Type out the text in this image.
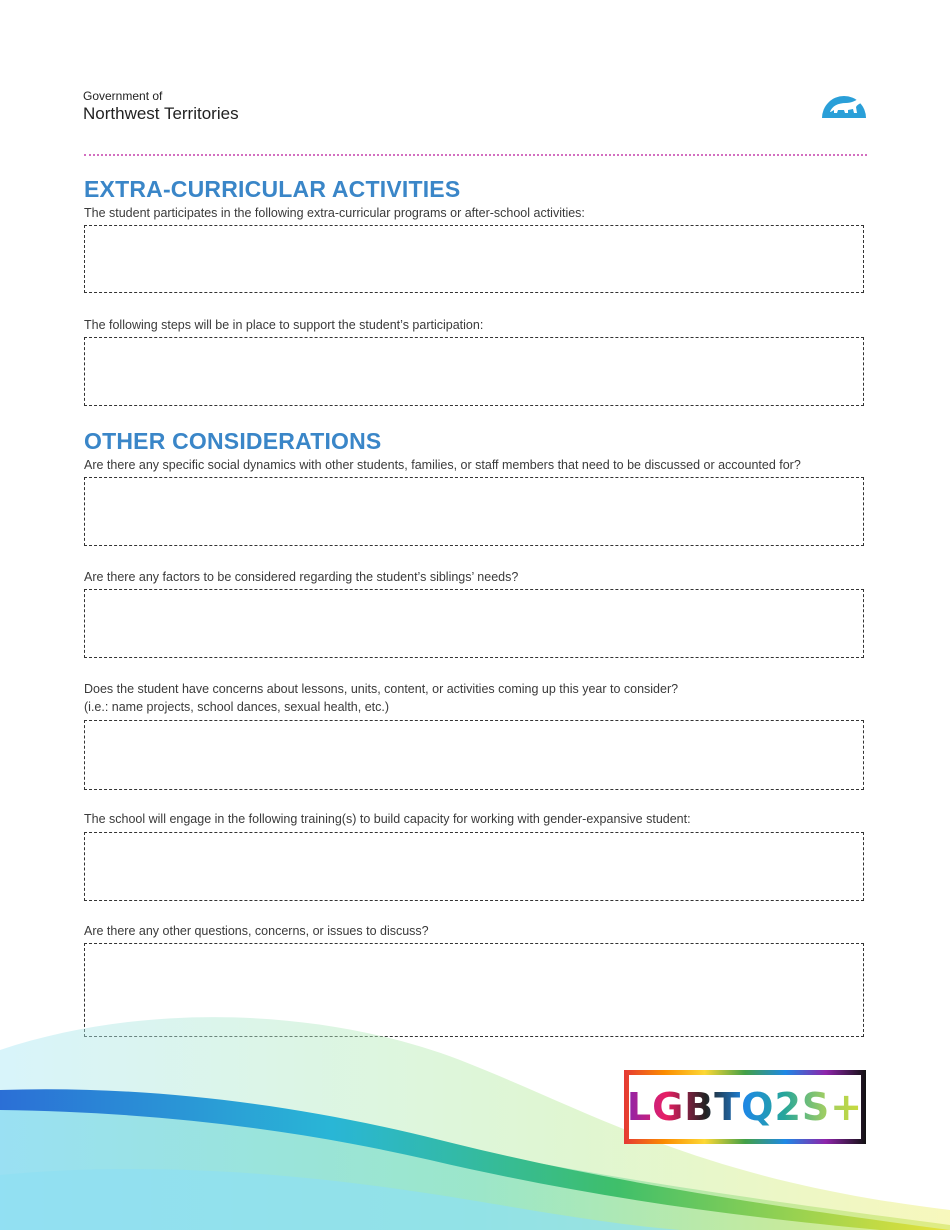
Government of
Northwest Territories
EXTRA-CURRICULAR ACTIVITIES

The student participates in the following extra-curricular programs or after-school activities:

The following steps will be in place to support the student’s participation:

OTHER CONSIDERATIONS

Are there any specific social dynamics with other students, families, or staff members that need to be discussed or accounted for?

Are there any factors to be considered regarding the student’s siblings’ needs?

Does the student have concerns about lessons, units, content, or activities coming up this year to consider?

(i.e.: name projects, school dances, sexual health, etc.)

The school will engage in the following training(s) to build capacity for working with gender-expansive student:

Are there any other questions, concerns, or issues to discuss?

LGBTQ2S+
